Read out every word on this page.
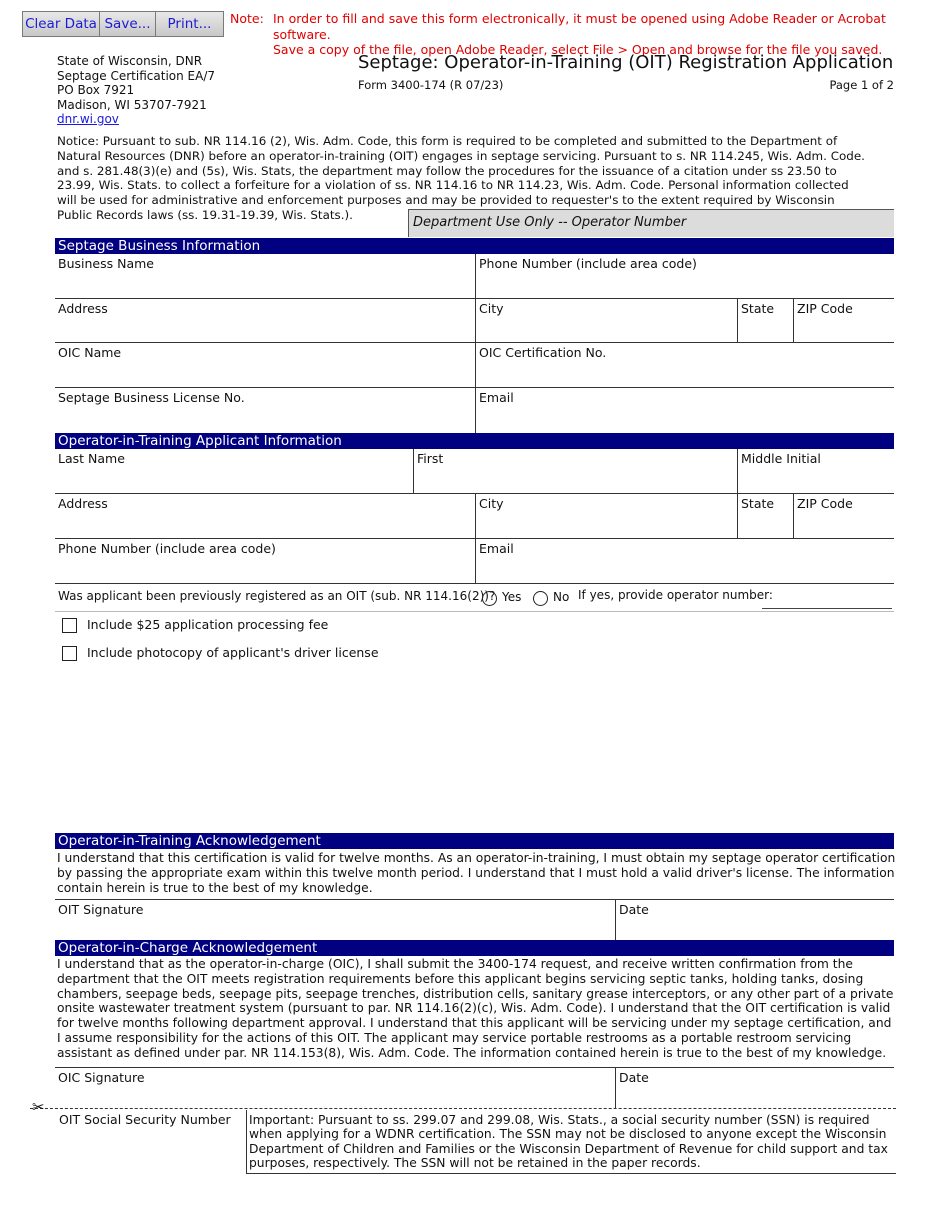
Clear Data Save...	Print...	Note: In order to fill and save this form electronically, it must be opened using Adobe Reader or Acrobat software.
Save a copy of the file, open Adobe Reader, select File > Open and browse for the file you saved.
State of Wisconsin, DNR
Septage Certification EA/7
PO Box 7921
Madison, WI 53707-7921
dnr.wi.gov
Septage: Operator-in-Training (OIT) Registration Application
Form 3400-174 (R 07/23)	Page 1 of 2
Notice: Pursuant to sub. NR 114.16 (2), Wis. Adm. Code, this form is required to be completed and submitted to the Department of Natural Resources (DNR) before an operator-in-training (OIT) engages in septage servicing. Pursuant to s. NR 114.245, Wis. Adm. Code. and s. 281.48(3)(e) and (5s), Wis. Stats, the department may follow the procedures for the issuance of a citation under ss 23.50 to 23.99, Wis. Stats. to collect a forfeiture for a violation of ss. NR 114.16 to NR 114.23, Wis. Adm. Code. Personal information collected will be used for administrative and enforcement purposes and may be provided to requester's to the extent required by Wisconsin Public Records laws (ss. 19.31-19.39, Wis. Stats.).
Department Use Only -- Operator Number
Septage Business Information
Business Name	Phone Number (include area code)
Address	City	State	ZIP Code
OIC Name	OIC Certification No.
Septage Business License No.	Email
Operator-in-Training Applicant Information
Last Name	First	Middle Initial
Address	City	State	ZIP Code
Phone Number (include area code)	Email
Was applicant been previously registered as an OIT (sub. NR 114.16(2))? Yes	No If yes, provide operator number:
Include $25 application processing fee
Include photocopy of applicant's driver license
Operator-in-Training Acknowledgement
I understand that this certification is valid for twelve months. As an operator-in-training, I must obtain my septage operator certification by passing the appropriate exam within this twelve month period. I understand that I must hold a valid driver's license. The information contain herein is true to the best of my knowledge.
OIT Signature	Date
Operator-in-Charge Acknowledgement
I understand that as the operator-in-charge (OIC), I shall submit the 3400-174 request, and receive written confirmation from the department that the OIT meets registration requirements before this applicant begins servicing septic tanks, holding tanks, dosing chambers, seepage beds, seepage pits, seepage trenches, distribution cells, sanitary grease interceptors, or any other part of a private onsite wastewater treatment system (pursuant to par. NR 114.16(2)(c), Wis. Adm. Code). I understand that the OIT certification is valid for twelve months following department approval. I understand that this applicant will be servicing under my septage certification, and I assume responsibility for the actions of this OIT. The applicant may service portable restrooms as a portable restroom servicing assistant as defined under par. NR 114.153(8), Wis. Adm. Code. The information contained herein is true to the best of my knowledge.
OIC Signature	Date
✂
OIT Social Security Number	Important: Pursuant to ss. 299.07 and 299.08, Wis. Stats., a social security number (SSN) is required when applying for a WDNR certification. The SSN may not be disclosed to anyone except the Wisconsin Department of Children and Families or the Wisconsin Department of Revenue for child support and tax purposes, respectively. The SSN will not be retained in the paper records.
